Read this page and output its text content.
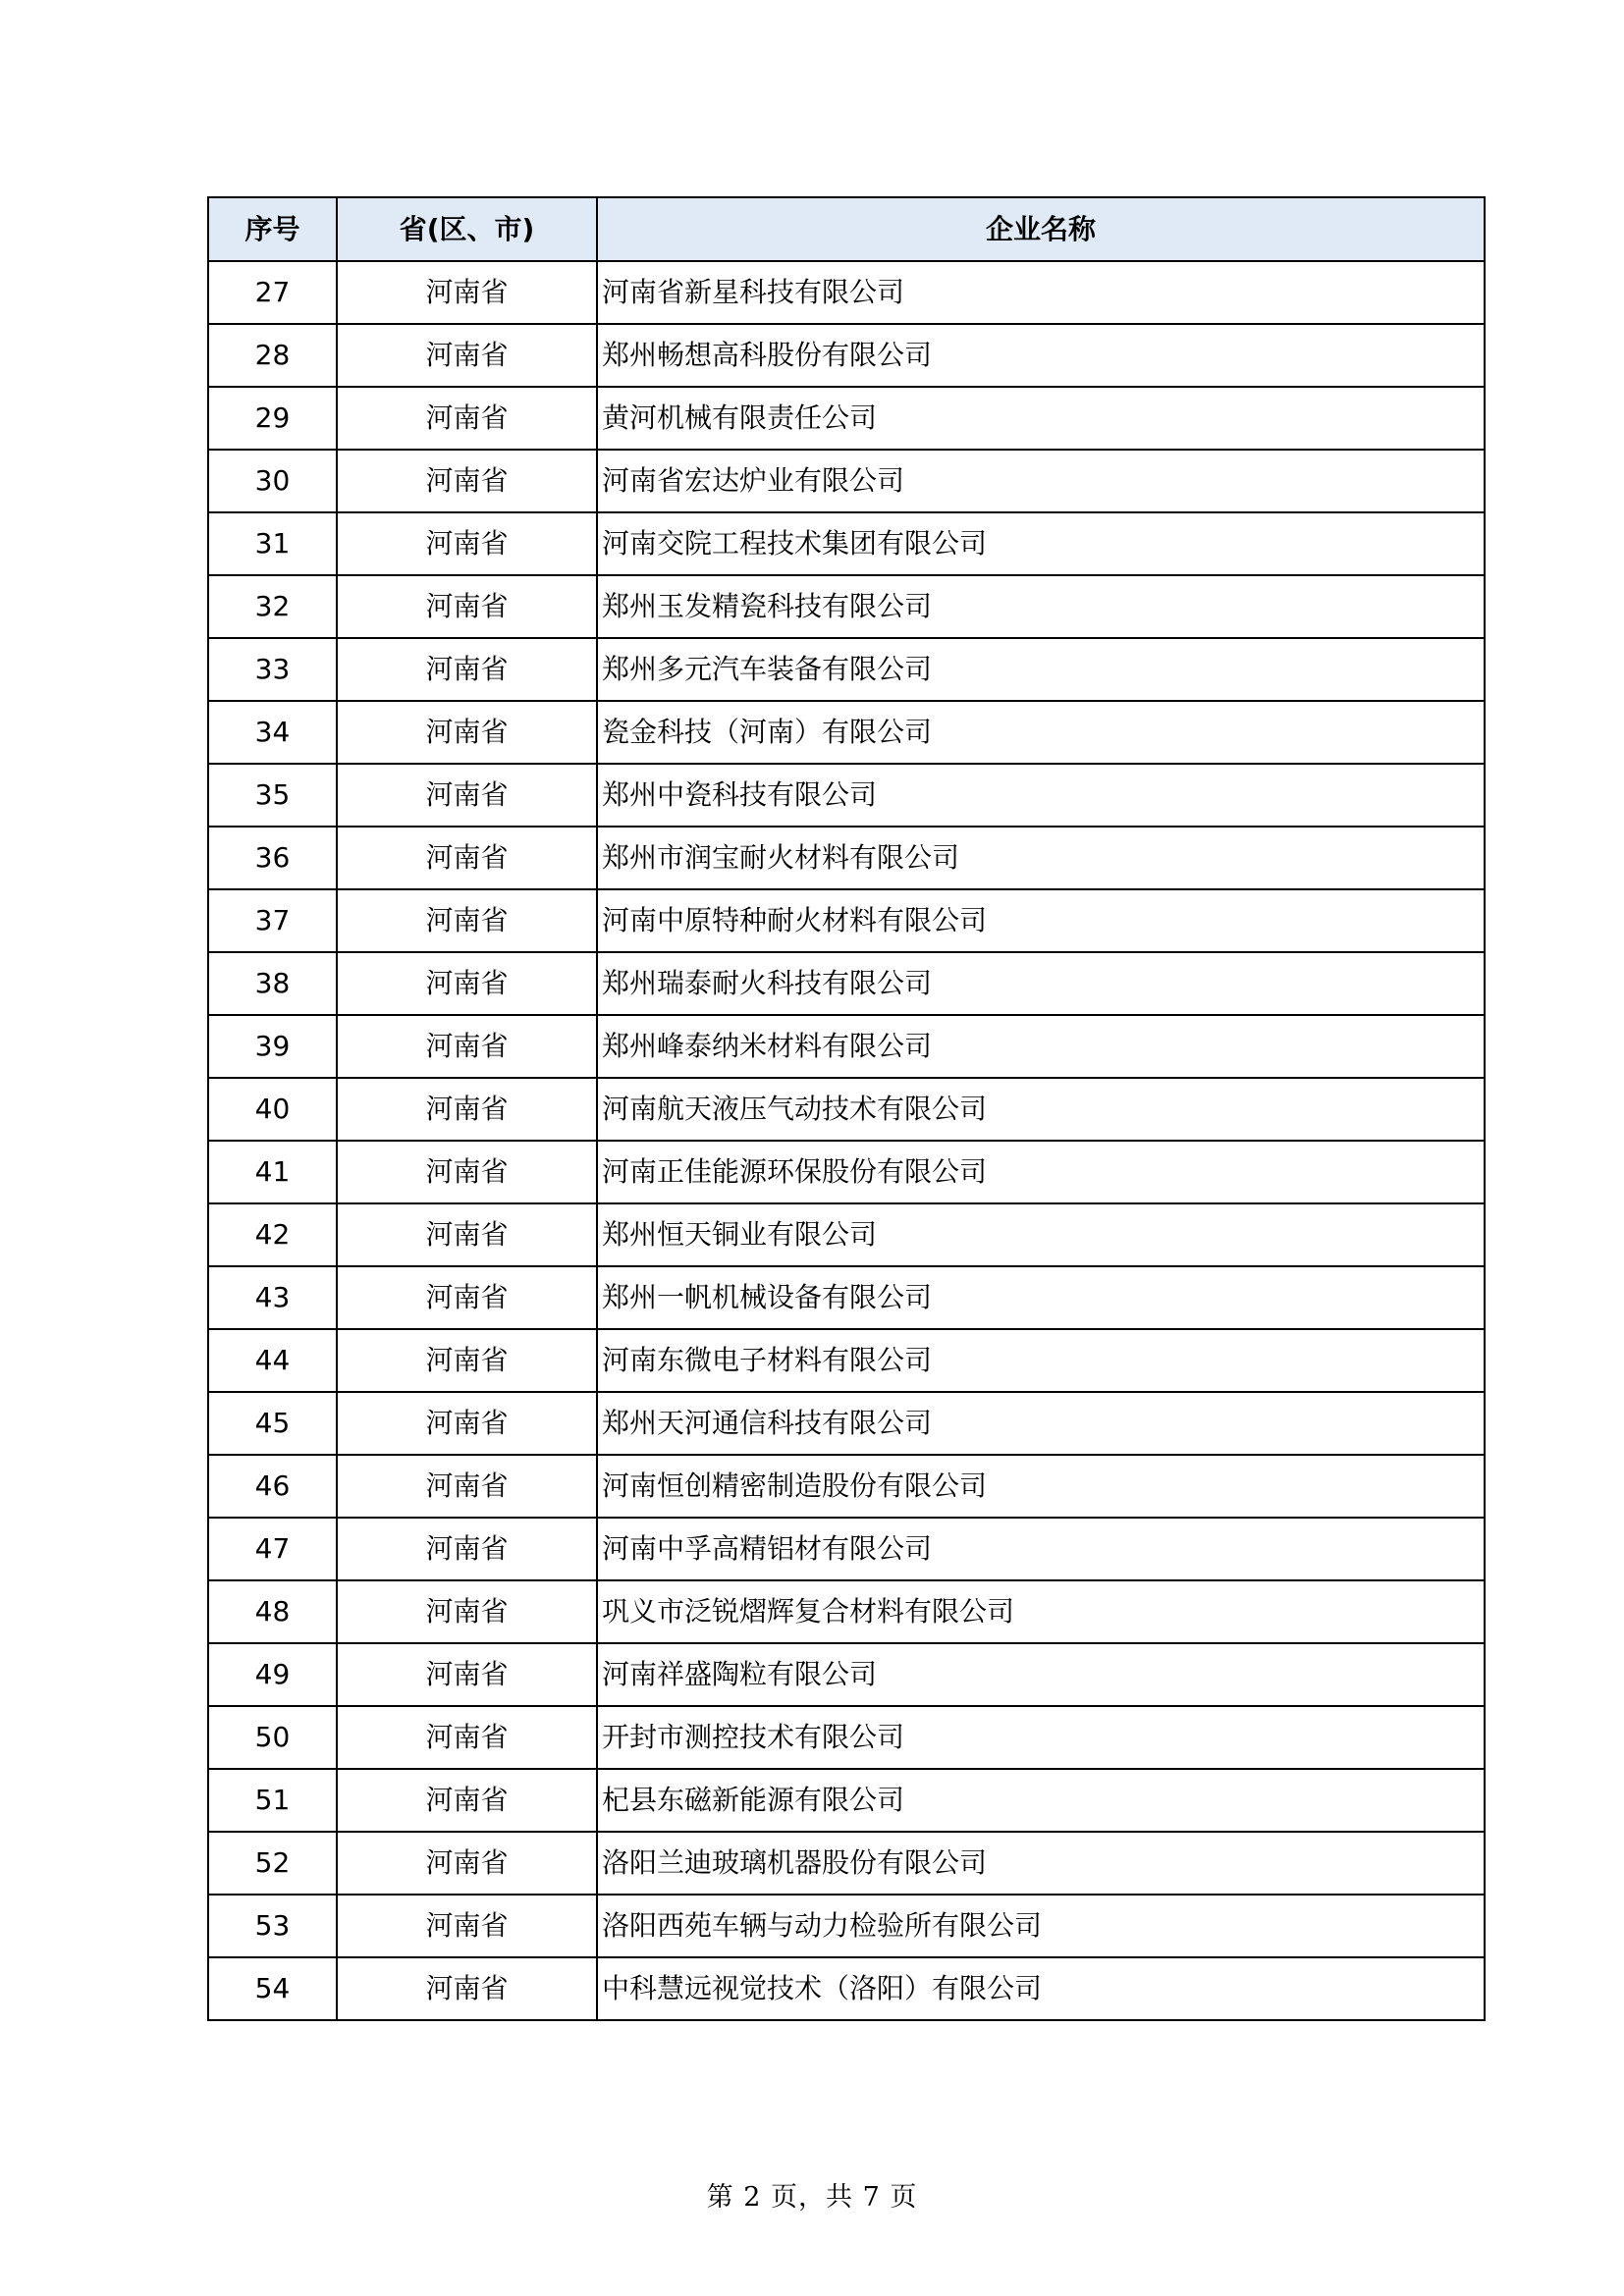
序号	省(区、市)	企业名称
27	河南省	河南省新星科技有限公司
28	河南省	郑州畅想高科股份有限公司
29	河南省	黄河机械有限责任公司
30	河南省	河南省宏达炉业有限公司
31	河南省	河南交院工程技术集团有限公司
32	河南省	郑州玉发精瓷科技有限公司
33	河南省	郑州多元汽车装备有限公司
34	河南省	瓷金科技（河南）有限公司
35	河南省	郑州中瓷科技有限公司
36	河南省	郑州市润宝耐火材料有限公司
37	河南省	河南中原特种耐火材料有限公司
38	河南省	郑州瑞泰耐火科技有限公司
39	河南省	郑州峰泰纳米材料有限公司
40	河南省	河南航天液压气动技术有限公司
41	河南省	河南正佳能源环保股份有限公司
42	河南省	郑州恒天铜业有限公司
43	河南省	郑州一帆机械设备有限公司
44	河南省	河南东微电子材料有限公司
45	河南省	郑州天河通信科技有限公司
46	河南省	河南恒创精密制造股份有限公司
47	河南省	河南中孚高精铝材有限公司
48	河南省	巩义市泛锐熠辉复合材料有限公司
49	河南省	河南祥盛陶粒有限公司
50	河南省	开封市测控技术有限公司
51	河南省	杞县东磁新能源有限公司
52	河南省	洛阳兰迪玻璃机器股份有限公司
53	河南省	洛阳西苑车辆与动力检验所有限公司
54	河南省	中科慧远视觉技术（洛阳）有限公司
第 2 页，共 7 页
